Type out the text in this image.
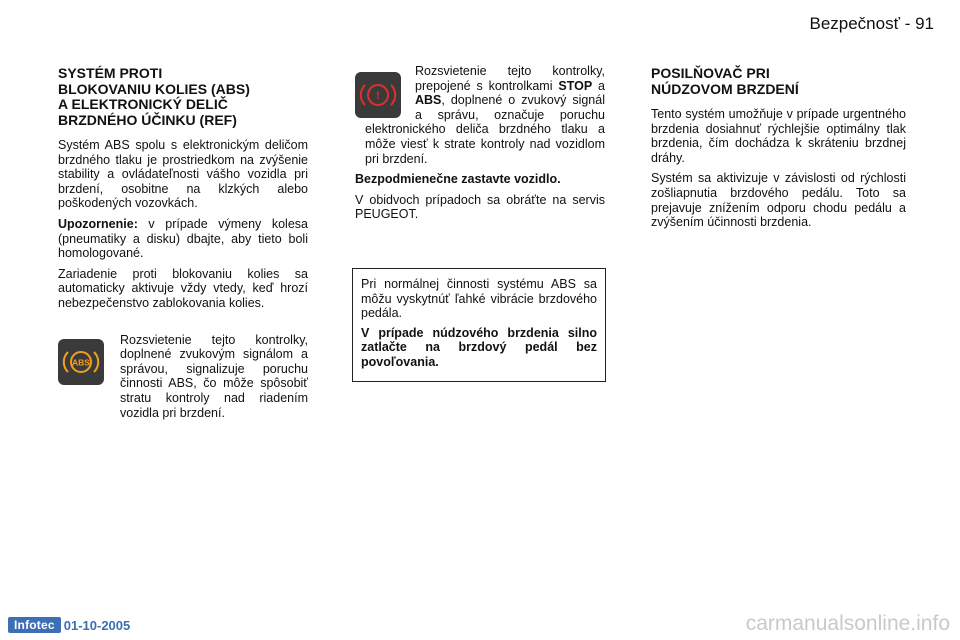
Bezpečnosť - 91
SYSTÉM PROTI
BLOKOVANIU KOLIES (ABS)
A ELEKTRONICKÝ DELIČ
BRZDNÉHO ÚČINKU (REF)

Systém ABS spolu s elektronickým deličom brzdného tlaku je prostriedkom na zvýšenie stability a ovládateľnosti vášho vozidla pri brzdení, osobitne na klzkých alebo poškodených vozovkách.

Upozornenie: v prípade výmeny kolesa (pneumatiky a disku) dbajte, aby tieto boli homologované.

Zariadenie proti blokovaniu kolies sa automaticky aktivuje vždy vtedy, keď hrozí nebezpečenstvo zablokovania kolies.

ABS

Rozsvietenie tejto kontrolky, doplnené zvukovým signálom a správou, signalizuje poruchu činnosti ABS, čo môže spôsobiť stratu kontroly nad riadením vozidla pri brzdení.

!

Rozsvietenie tejto kontrolky, prepojené s kontrolkami STOP a ABS, doplnené o zvukový signál a správu, označuje poruchu elektronického deliča brzdného tlaku a môže viesť k strate kontroly nad vozidlom pri brzdení.

Bezpodmienečne zastavte vozidlo.

V obidvoch prípadoch sa obráťte na servis PEUGEOT.

Pri normálnej činnosti systému ABS sa môžu vyskytnúť ľahké vibrácie brzdového pedála.

V prípade núdzového brzdenia silno zatlačte na brzdový pedál bez povoľovania.

POSILŇOVAČ PRI
NÚDZOVOM BRZDENÍ

Tento systém umožňuje v prípade urgentného brzdenia dosiahnuť rýchlejšie optimálny tlak brzdenia, čím dochádza k skráteniu brzdnej dráhy.

Systém sa aktivizuje v závislosti od rýchlosti zošliapnutia brzdového pedálu. Toto sa prejavuje znížením odporu chodu pedálu a zvýšením účinnosti brzdenia.

Infotec 01-10-2005	carmanualsonline.info
